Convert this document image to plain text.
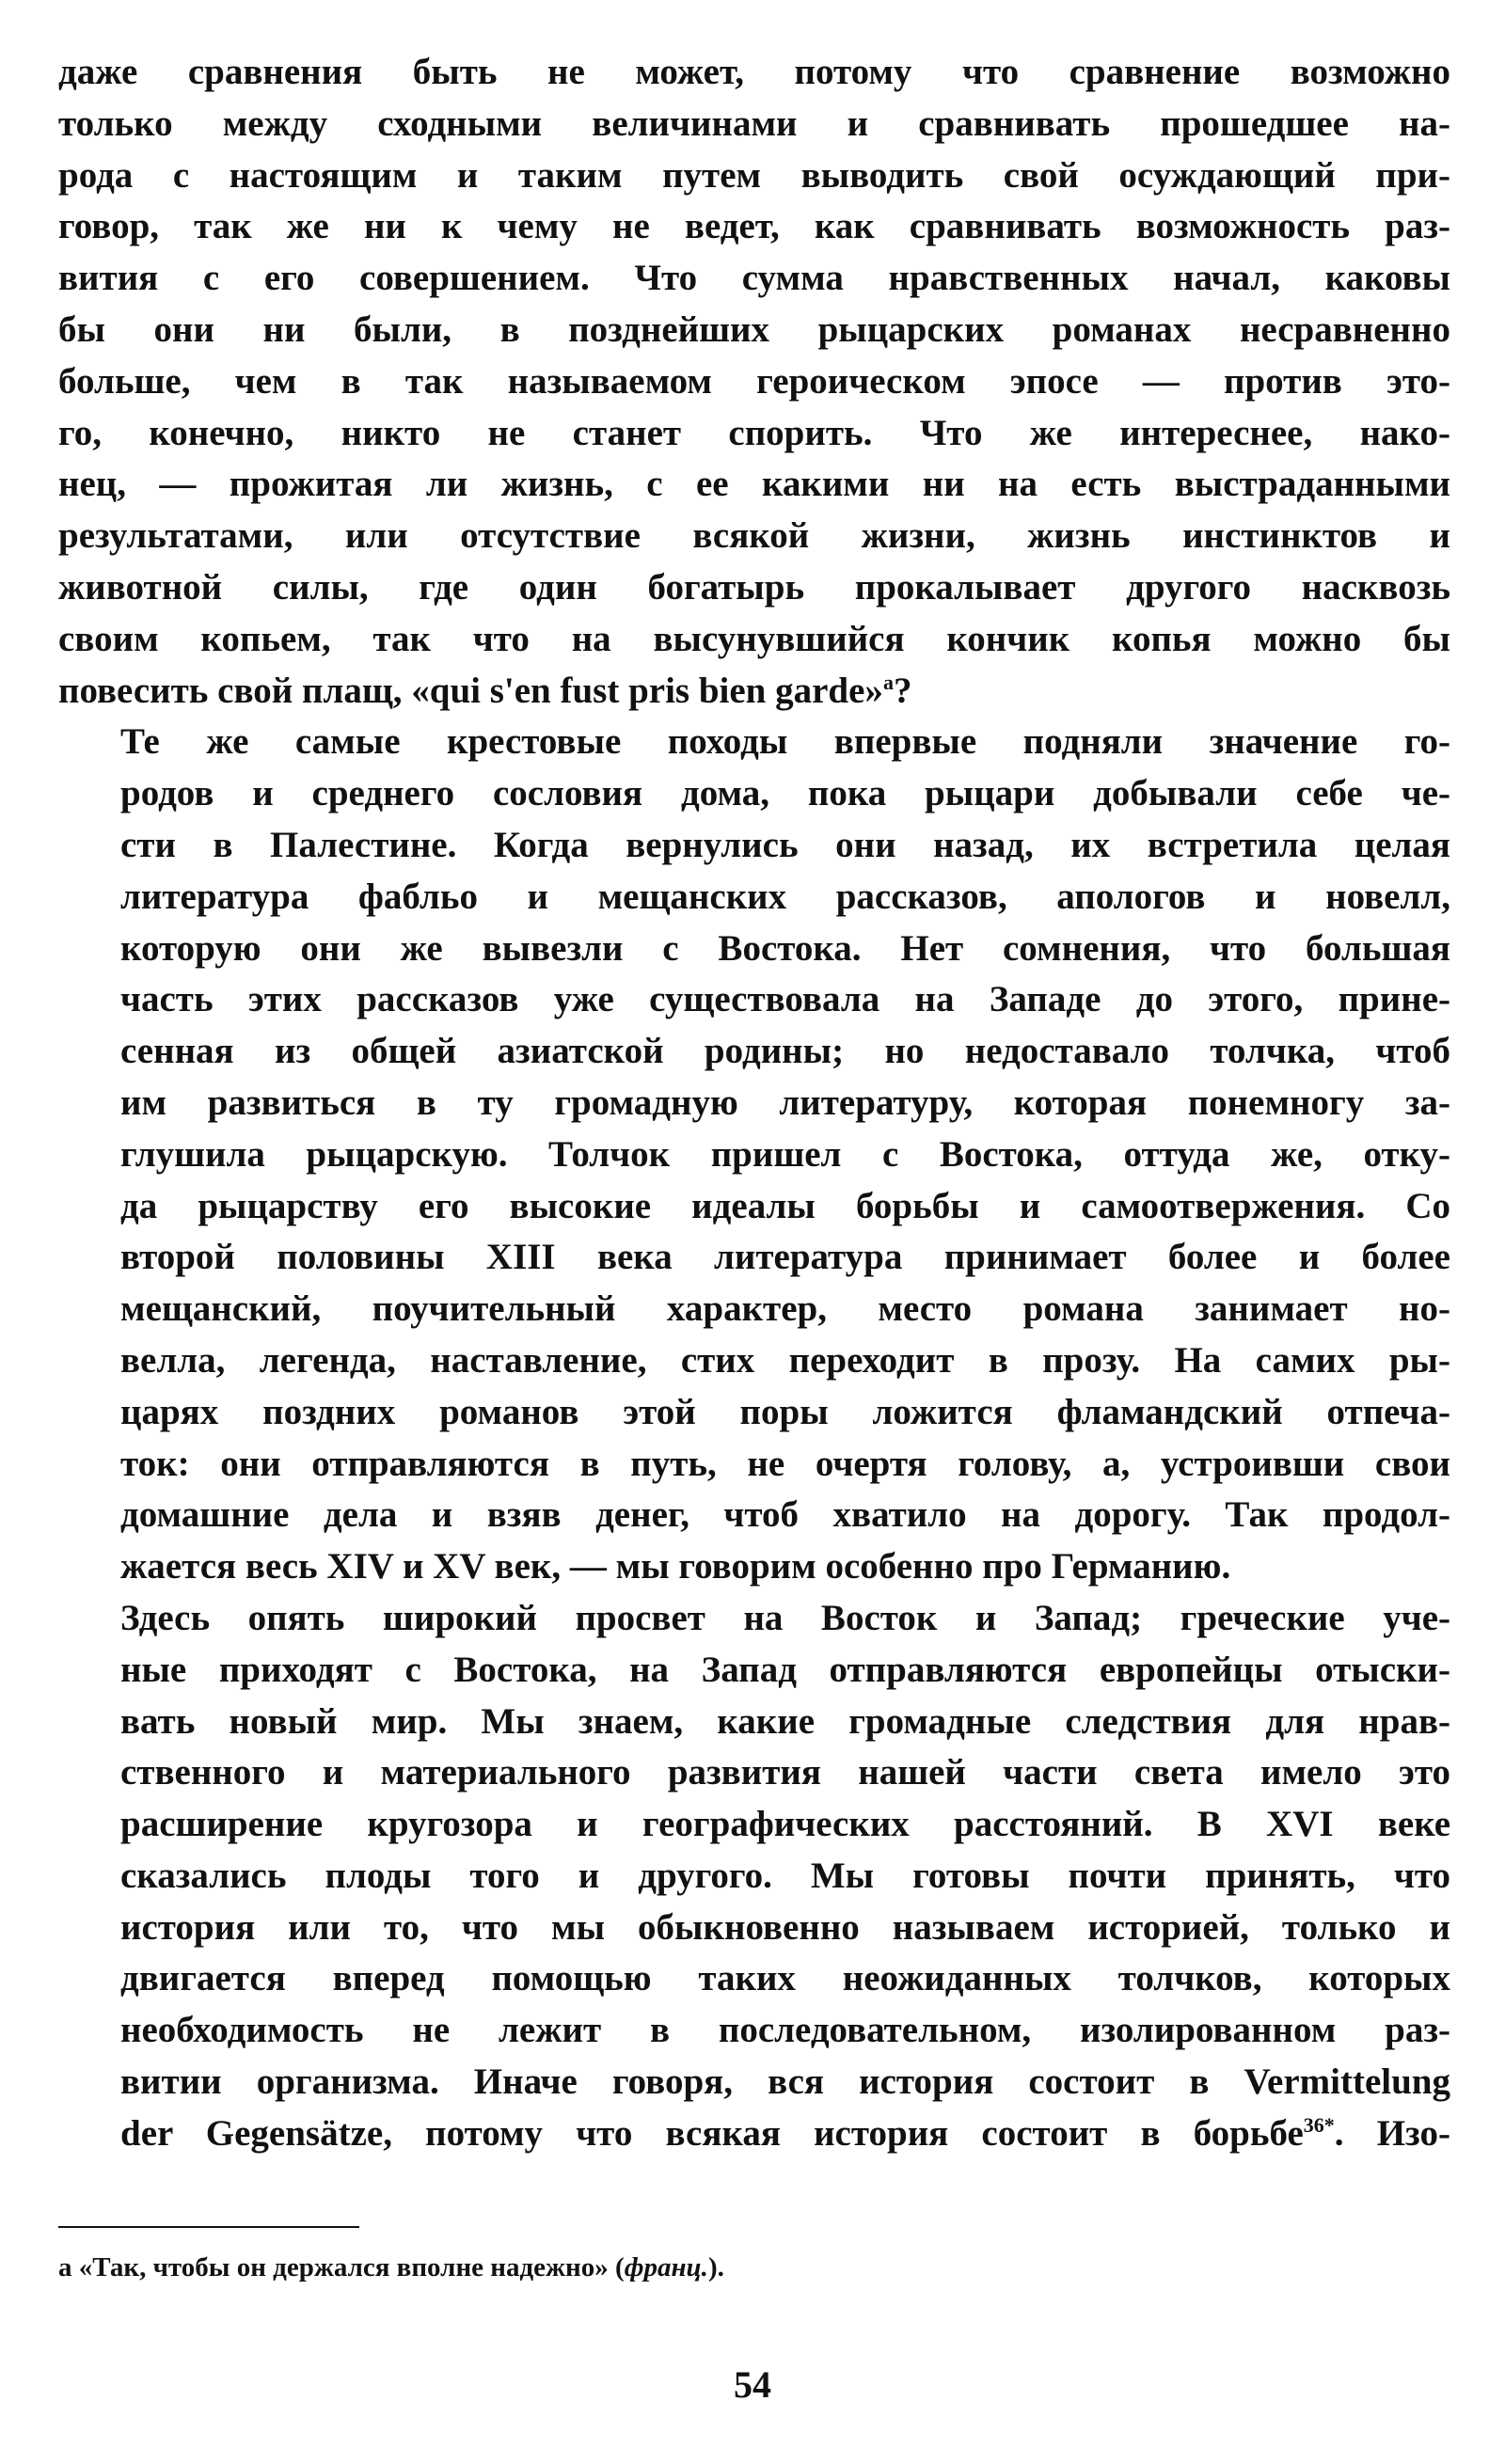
даже сравнения быть не может, потому что сравнение возможно
только между сходными величинами и сравнивать прошедшее на-
рода с настоящим и таким путем выводить свой осуждающий при-
говор, так же ни к чему не ведет, как сравнивать возможность раз-
вития с его совершением. Что сумма нравственных начал, каковы
бы они ни были, в позднейших рыцарских романах несравненно
больше, чем в так называемом героическом эпосе — против это-
го, конечно, никто не станет спорить. Что же интереснее, нако-
нец, — прожитая ли жизнь, с ее какими ни на есть выстраданными
результатами, или отсутствие всякой жизни, жизнь инстинктов и
животной силы, где один богатырь прокалывает другого насквозь
своим копьем, так что на высунувшийся кончик копья можно бы
повесить свой плащ, «qui s'en fust pris bien garde»$^a$?

Те же самые крестовые походы впервые подняли значение го-
родов и среднего сословия дома, пока рыцари добывали себе че-
сти в Палестине. Когда вернулись они назад, их встретила целая
литература фабльо и мещанских рассказов, апологов и новелл,
которую они же вывезли с Востока. Нет сомнения, что большая
часть этих рассказов уже существовала на Западе до этого, прине-
сенная из общей азиатской родины; но недоставало толчка, чтоб
им развиться в ту громадную литературу, которая понемногу за-
глушила рыцарскую. Толчок пришел с Востока, оттуда же, отку-
да рыцарству его высокие идеалы борьбы и самоотвержения. Со
второй половины XIII века литература принимает более и более
мещанский, поучительный характер, место романа занимает но-
велла, легенда, наставление, стих переходит в прозу. На самих ры-
царях поздних романов этой поры ложится фламандский отпеча-
ток: они отправляются в путь, не очертя голову, а, устроивши свои
домашние дела и взяв денег, чтоб хватило на дорогу. Так продол-
жается весь XIV и XV век, — мы говорим особенно про Германию.

Здесь опять широкий просвет на Восток и Запад; греческие уче-
ные приходят с Востока, на Запад отправляются европейцы отыски-
вать новый мир. Мы знаем, какие громадные следствия для нрав-
ственного и материального развития нашей части света имело это
расширение кругозора и географических расстояний. В XVI веке
сказались плоды того и другого. Мы готовы почти принять, что
история или то, что мы обыкновенно называем историей, только и
двигается вперед помощью таких неожиданных толчков, которых
необходимость не лежит в последовательном, изолированном раз-
витии организма. Иначе говоря, вся история состоит в Vermittelung
der Gegensätze, потому что всякая история состоит в борьбе$^{36*}$. Изо-

a «Так, чтобы он держался вполне надежно» (франц.).
54
